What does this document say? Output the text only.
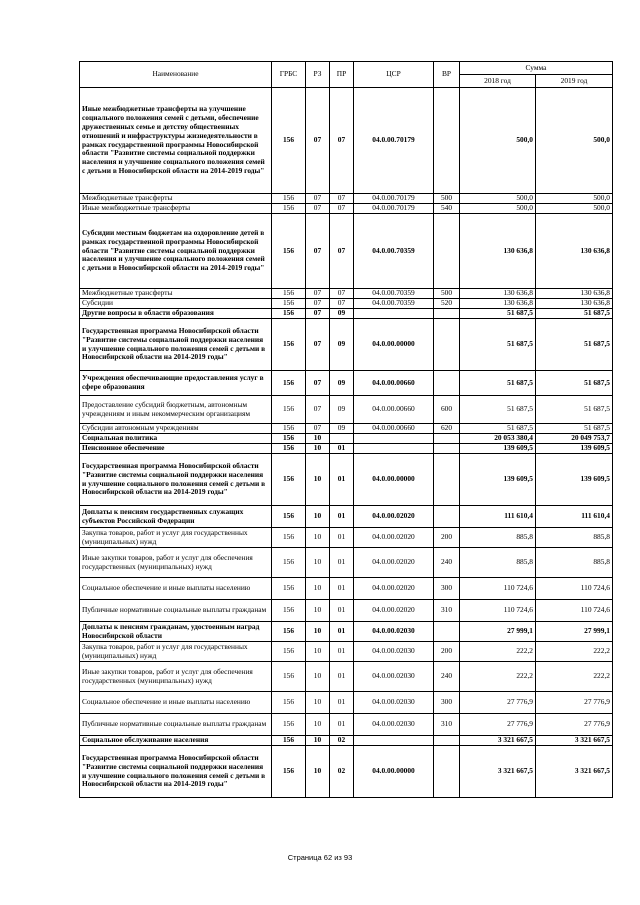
Наименование	ГРБС	РЗ	ПР	ЦСР	ВР	Сумма	
						2018 год	2019 год
Иные межбюджетные трансферты на улучшение социального положения семей с детьми, обеспечение дружественных семье и детству общественных отношений и инфраструктуры жизнедеятельности в рамках государственной программы Новосибирской области "Развитие системы социальной поддержки населения и улучшение социального положения семей с детьми в Новосибирской области на 2014-2019 годы"	156	07	07	04.0.00.70179		500,0	500,0
Межбюджетные трансферты	156	07	07	04.0.00.70179	500	500,0	500,0
Иные межбюджетные трансферты	156	07	07	04.0.00.70179	540	500,0	500,0
Субсидии местным бюджетам на оздоровление детей в рамках государственной программы Новосибирской области "Развитие системы социальной поддержки населения и улучшение социального положения семей с детьми в Новосибирской области на 2014-2019 годы"	156	07	07	04.0.00.70359		130 636,8	130 636,8
Межбюджетные трансферты	156	07	07	04.0.00.70359	500	130 636,8	130 636,8
Субсидии	156	07	07	04.0.00.70359	520	130 636,8	130 636,8
Другие вопросы в области образования	156	07	09			51 687,5	51 687,5
Государственная программа Новосибирской области "Развитие системы социальной поддержки населения и улучшение социального положения семей с детьми в Новосибирской области на 2014-2019 годы"	156	07	09	04.0.00.00000		51 687,5	51 687,5
Учреждения обеспечивающие предоставления услуг в сфере образования	156	07	09	04.0.00.00660		51 687,5	51 687,5
Предоставление субсидий бюджетным, автономным учреждениям и иным некоммерческим организациям	156	07	09	04.0.00.00660	600	51 687,5	51 687,5
Субсидии автономным учреждениям	156	07	09	04.0.00.00660	620	51 687,5	51 687,5
Социальная политика	156	10				20 053 380,4	20 049 753,7
Пенсионное обеспечение	156	10	01			139 609,5	139 609,5
Государственная программа Новосибирской области "Развитие системы социальной поддержки населения и улучшение социального положения семей с детьми в Новосибирской области на 2014-2019 годы"	156	10	01	04.0.00.00000		139 609,5	139 609,5
Доплаты к пенсиям государственных служащих субъектов Российской Федерации	156	10	01	04.0.00.02020		111 610,4	111 610,4
Закупка товаров, работ и услуг для государственных (муниципальных) нужд	156	10	01	04.0.00.02020	200	885,8	885,8
Иные закупки товаров, работ и услуг для обеспечения государственных (муниципальных) нужд	156	10	01	04.0.00.02020	240	885,8	885,8
Социальное обеспечение и иные выплаты населению	156	10	01	04.0.00.02020	300	110 724,6	110 724,6
Публичные нормативные социальные выплаты гражданам	156	10	01	04.0.00.02020	310	110 724,6	110 724,6
Доплаты к пенсиям гражданам, удостоенным наград Новосибирской области	156	10	01	04.0.00.02030		27 999,1	27 999,1
Закупка товаров, работ и услуг для государственных (муниципальных) нужд	156	10	01	04.0.00.02030	200	222,2	222,2
Иные закупки товаров, работ и услуг для обеспечения государственных (муниципальных) нужд	156	10	01	04.0.00.02030	240	222,2	222,2
Социальное обеспечение и иные выплаты населению	156	10	01	04.0.00.02030	300	27 776,9	27 776,9
Публичные нормативные социальные выплаты гражданам	156	10	01	04.0.00.02030	310	27 776,9	27 776,9
Социальное обслуживание населения	156	10	02			3 321 667,5	3 321 667,5
Государственная программа Новосибирской области "Развитие системы социальной поддержки населения и улучшение социального положения семей с детьми в Новосибирской области на 2014-2019 годы"	156	10	02	04.0.00.00000		3 321 667,5	3 321 667,5
Страница 62 из 93
